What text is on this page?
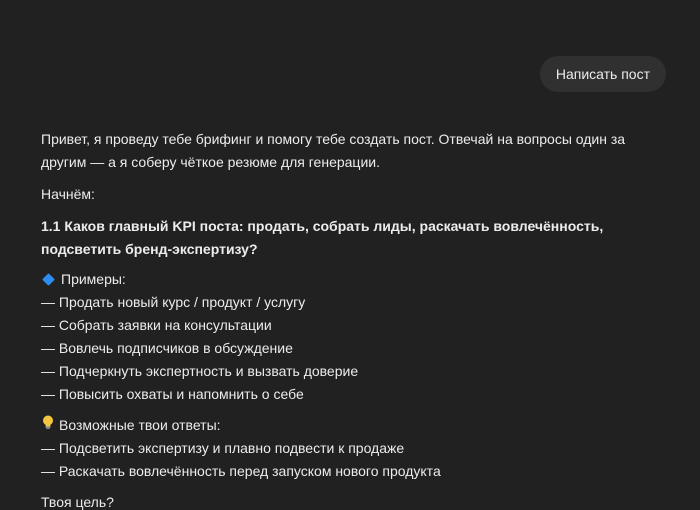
Написать пост

Привет, я проведу тебе брифинг и помогу тебе создать пост. Отвечай на вопросы один за другим — а я соберу чёткое резюме для генерации.

Начнём:

1.1 Каков главный KPI поста: продать, собрать лиды, раскачать вовлечённость, подсветить бренд-экспертизу?

Примеры:
— Продать новый курс / продукт / услугу
— Собрать заявки на консультации
— Вовлечь подписчиков в обсуждение
— Подчеркнуть экспертность и вызвать доверие
— Повысить охваты и напомнить о себе
Возможные твои ответы:
— Подсветить экспертизу и плавно подвести к продаже
— Раскачать вовлечённость перед запуском нового продукта

Твоя цель?
